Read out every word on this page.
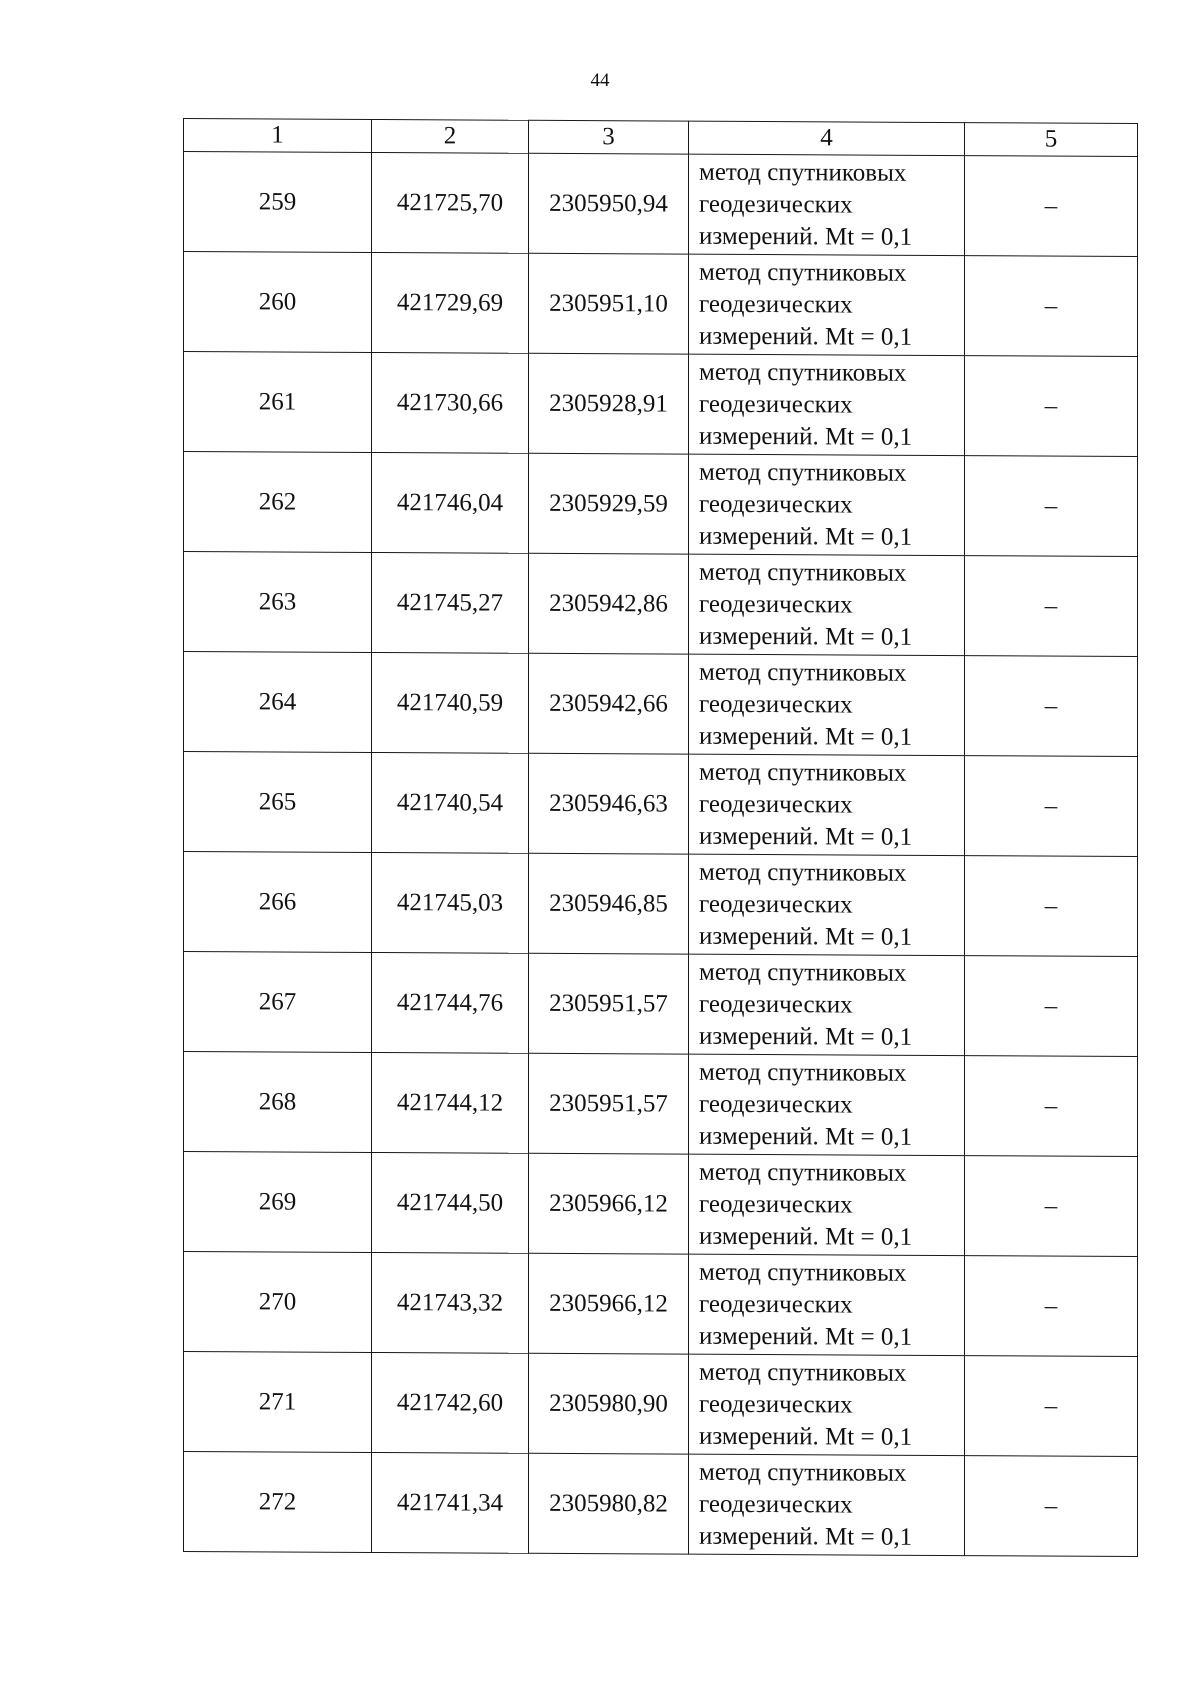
44
1	2	3	4	5
259	421725,70	2305950,94	метод спутниковых
геодезических
измерений. Mt = 0,1	–
260	421729,69	2305951,10	метод спутниковых
геодезических
измерений. Mt = 0,1	–
261	421730,66	2305928,91	метод спутниковых
геодезических
измерений. Mt = 0,1	–
262	421746,04	2305929,59	метод спутниковых
геодезических
измерений. Mt = 0,1	–
263	421745,27	2305942,86	метод спутниковых
геодезических
измерений. Mt = 0,1	–
264	421740,59	2305942,66	метод спутниковых
геодезических
измерений. Mt = 0,1	–
265	421740,54	2305946,63	метод спутниковых
геодезических
измерений. Mt = 0,1	–
266	421745,03	2305946,85	метод спутниковых
геодезических
измерений. Mt = 0,1	–
267	421744,76	2305951,57	метод спутниковых
геодезических
измерений. Mt = 0,1	–
268	421744,12	2305951,57	метод спутниковых
геодезических
измерений. Mt = 0,1	–
269	421744,50	2305966,12	метод спутниковых
геодезических
измерений. Mt = 0,1	–
270	421743,32	2305966,12	метод спутниковых
геодезических
измерений. Mt = 0,1	–
271	421742,60	2305980,90	метод спутниковых
геодезических
измерений. Mt = 0,1	–
272	421741,34	2305980,82	метод спутниковых
геодезических
измерений. Mt = 0,1	–
